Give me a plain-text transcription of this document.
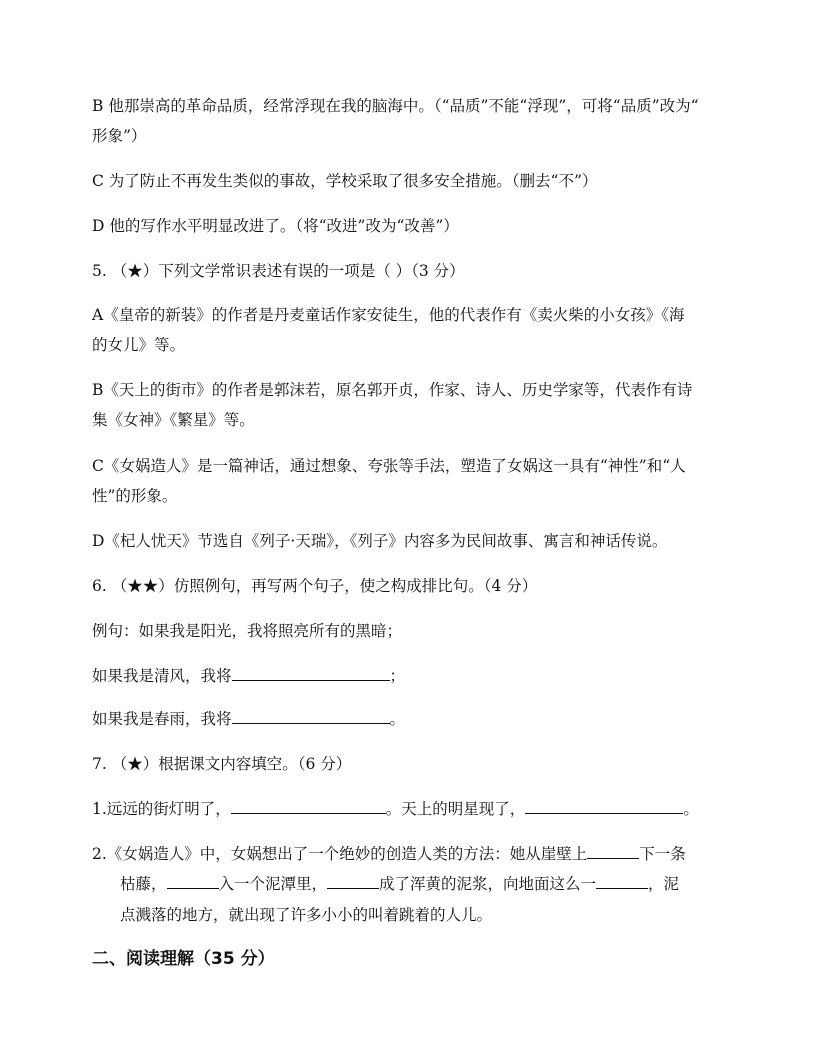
B 他那崇高的革命品质，经常浮现在我的脑海中。（“品质”不能“浮现”，可将“品质”改为“
形象”）
C 为了防止不再发生类似的事故，学校采取了很多安全措施。（删去“不”）
D 他的写作水平明显改进了。（将“改进”改为“改善”）
5. （★）下列文学常识表述有误的一项是（ ）（3 分）
A《皇帝的新装》的作者是丹麦童话作家安徒生，他的代表作有《卖火柴的小女孩》《海
的女儿》等。
B《天上的街市》的作者是郭沫若，原名郭开贞，作家、诗人、历史学家等，代表作有诗
集《女神》《繁星》等。
C《女娲造人》是一篇神话，通过想象、夸张等手法，塑造了女娲这一具有“神性”和“人
性”的形象。
D《杞人忧天》节选自《列子·天瑞》，《列子》内容多为民间故事、寓言和神话传说。
6. （★★）仿照例句，再写两个句子，使之构成排比句。（4 分）
例句：如果我是阳光，我将照亮所有的黑暗；
如果我是清风，我将	；
如果我是春雨，我将	。
7. （★）根据课文内容填空。（6 分）
1.远远的街灯明了，	。天上的明星现了，	。
2.《女娲造人》中，女娲想出了一个绝妙的创造人类的方法：她从崖壁上	下一条
枯藤，	入一个泥潭里，	成了浑黄的泥浆，向地面这么一	，泥
点溅落的地方，就出现了许多小小的叫着跳着的人儿。
二、阅读理解（35 分）
